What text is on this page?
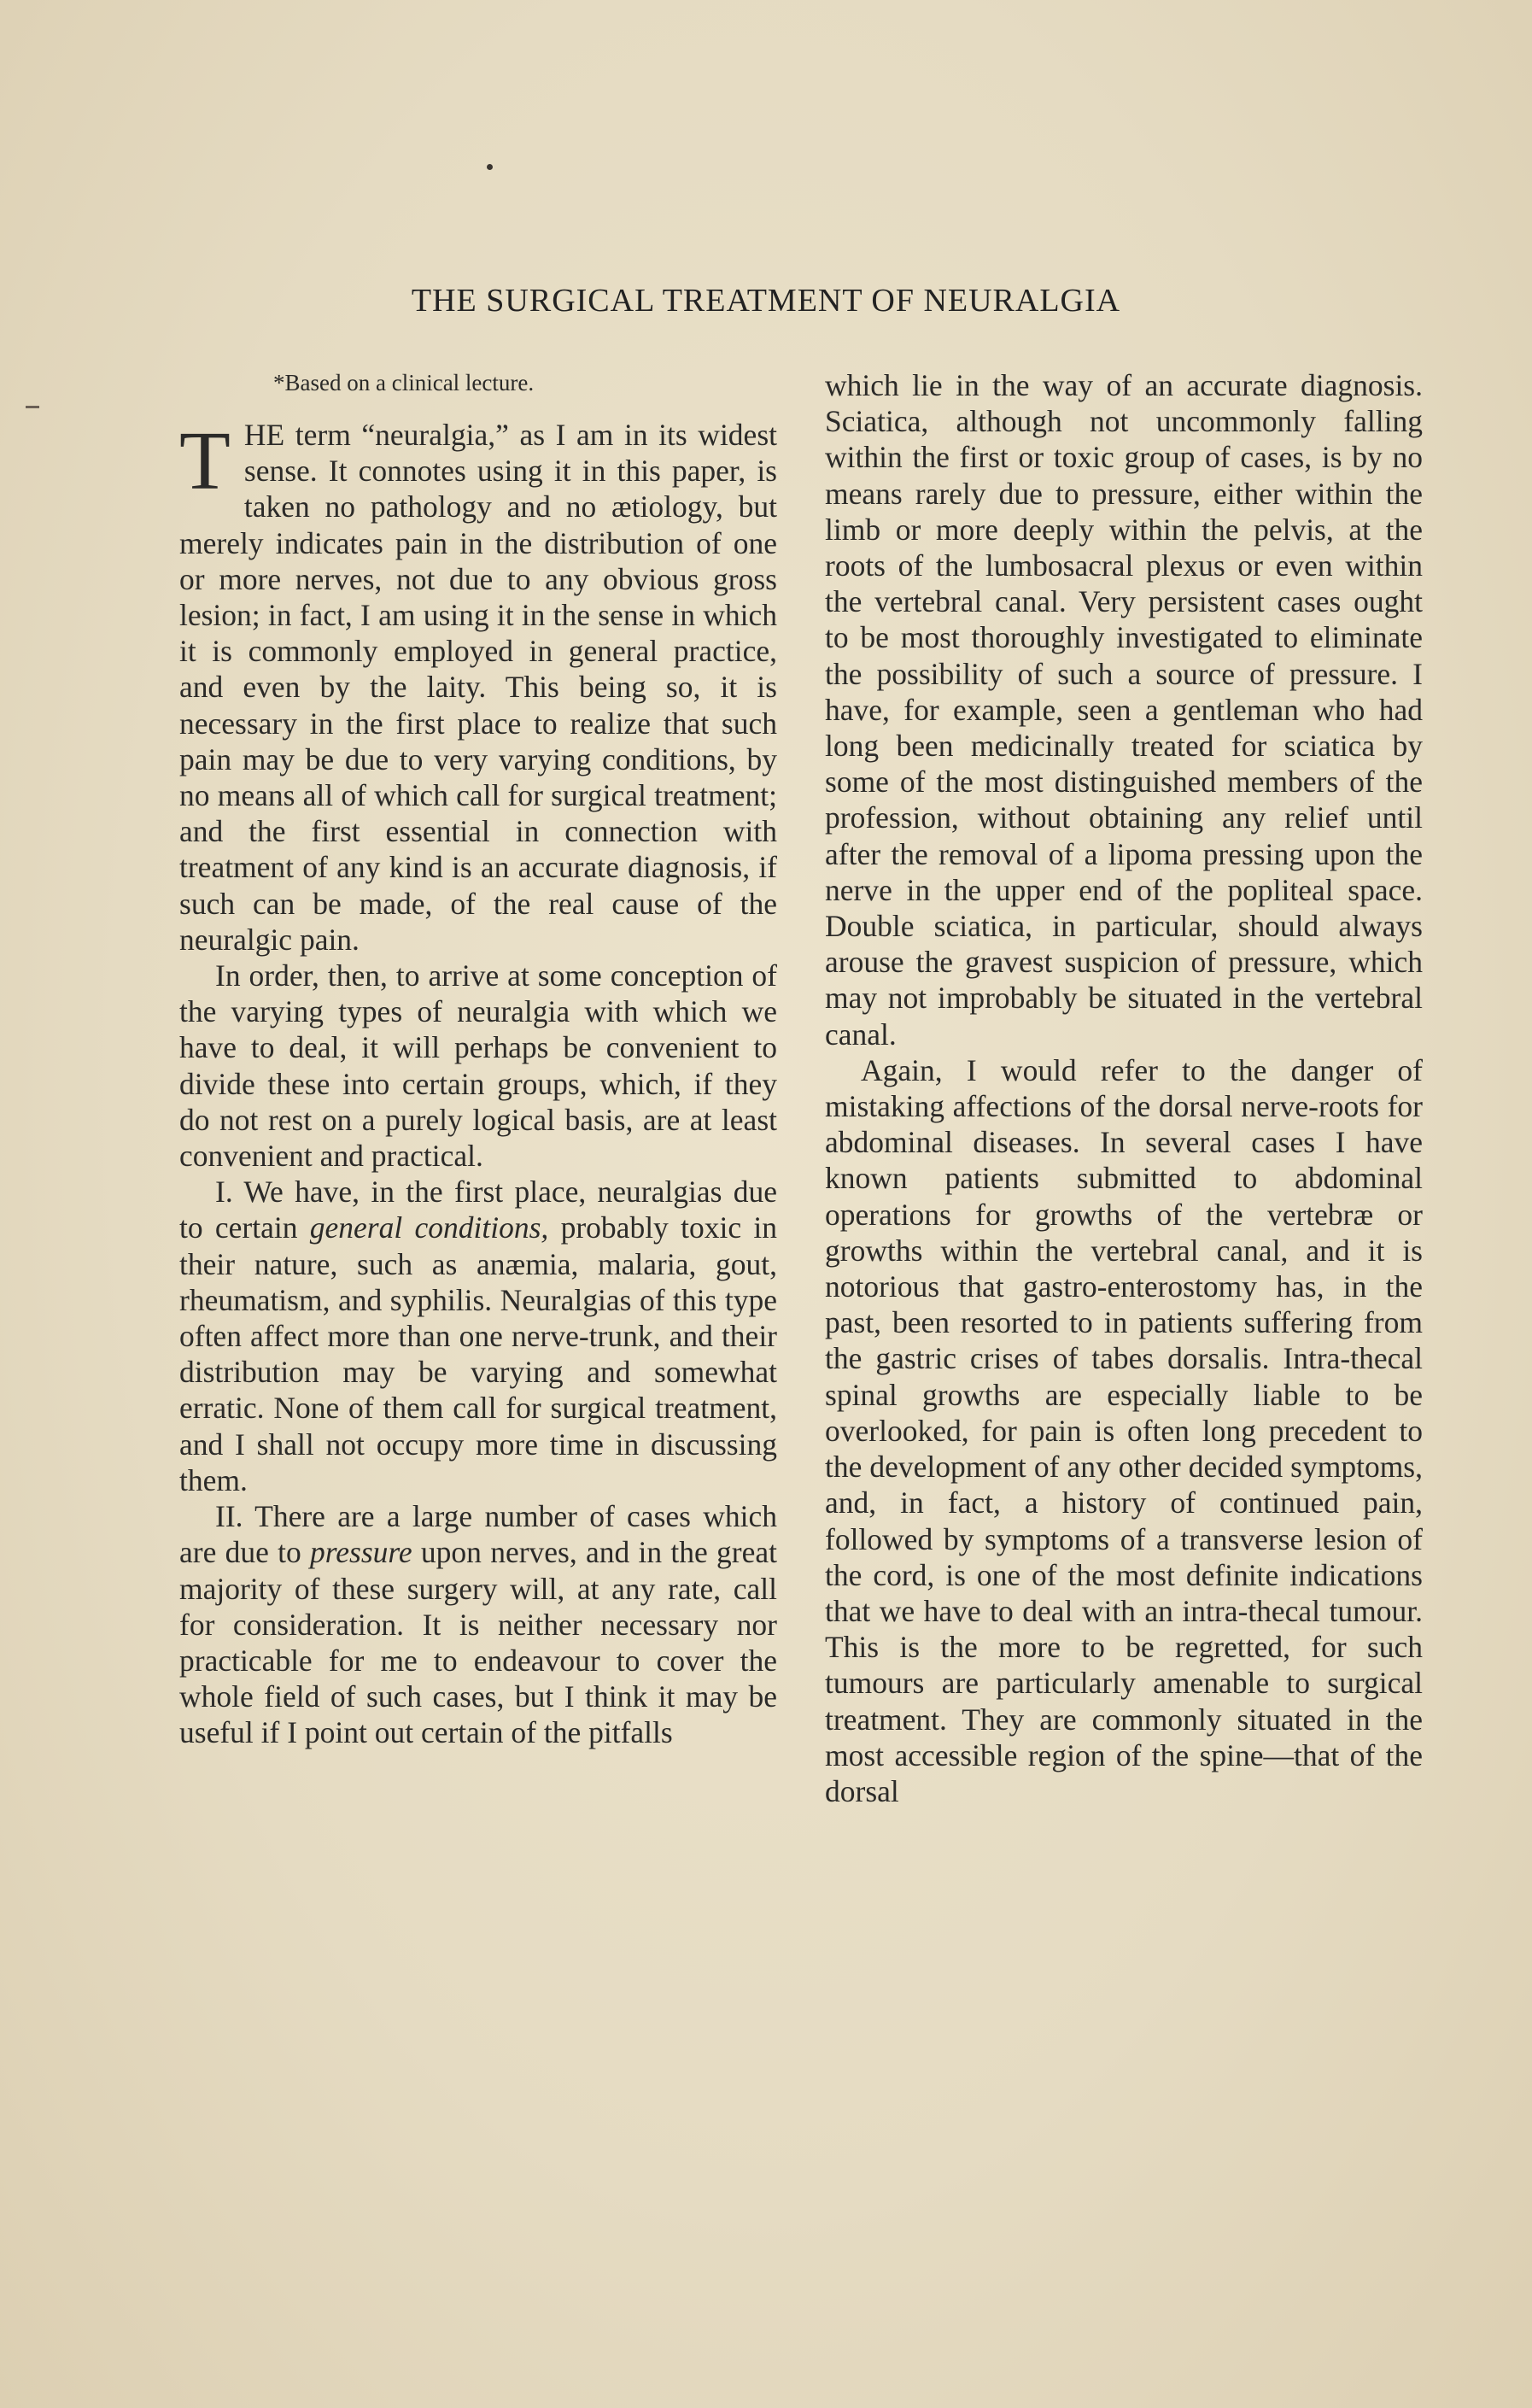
THE SURGICAL TREATMENT OF NEURALGIA
*Based on a clinical lecture.

THE term “neuralgia,” as I am in its widest sense. It connotes using it in this paper, is taken no pathology and no ætiology, but merely indicates pain in the distribution of one or more nerves, not due to any obvious gross lesion; in fact, I am using it in the sense in which it is commonly employed in general practice, and even by the laity. This being so, it is necessary in the first place to realize that such pain may be due to very varying conditions, by no means all of which call for surgical treatment; and the first essential in connection with treatment of any kind is an accurate diagnosis, if such can be made, of the real cause of the neuralgic pain.

In order, then, to arrive at some conception of the varying types of neuralgia with which we have to deal, it will perhaps be convenient to divide these into certain groups, which, if they do not rest on a purely logical basis, are at least convenient and practical.

I. We have, in the first place, neuralgias due to certain general conditions, probably toxic in their nature, such as anæmia, malaria, gout, rheumatism, and syphilis. Neuralgias of this type often affect more than one nerve-trunk, and their distribution may be varying and somewhat erratic. None of them call for surgical treatment, and I shall not occupy more time in discussing them.

II. There are a large number of cases which are due to pressure upon nerves, and in the great majority of these surgery will, at any rate, call for consideration. It is neither necessary nor practicable for me to endeavour to cover the whole field of such cases, but I think it may be useful if I point out certain of the pitfalls

which lie in the way of an accurate diagnosis. Sciatica, although not uncommonly falling within the first or toxic group of cases, is by no means rarely due to pressure, either within the limb or more deeply within the pelvis, at the roots of the lumbosacral plexus or even within the vertebral canal. Very persistent cases ought to be most thoroughly investigated to eliminate the possibility of such a source of pressure. I have, for example, seen a gentleman who had long been medicinally treated for sciatica by some of the most distinguished members of the profession, without obtaining any relief until after the removal of a lipoma pressing upon the nerve in the upper end of the popliteal space. Double sciatica, in particular, should always arouse the gravest suspicion of pressure, which may not improbably be situated in the vertebral canal.

Again, I would refer to the danger of mistaking affections of the dorsal nerve-roots for abdominal diseases. In several cases I have known patients submitted to abdominal operations for growths of the vertebræ or growths within the vertebral canal, and it is notorious that gastro-enterostomy has, in the past, been resorted to in patients suffering from the gastric crises of tabes dorsalis. Intra-thecal spinal growths are especially liable to be overlooked, for pain is often long precedent to the development of any other decided symptoms, and, in fact, a history of continued pain, followed by symptoms of a transverse lesion of the cord, is one of the most definite indications that we have to deal with an intra-thecal tumour. This is the more to be regretted, for such tumours are particularly amenable to surgical treatment. They are commonly situated in the most accessible region of the spine—that of the dorsal
